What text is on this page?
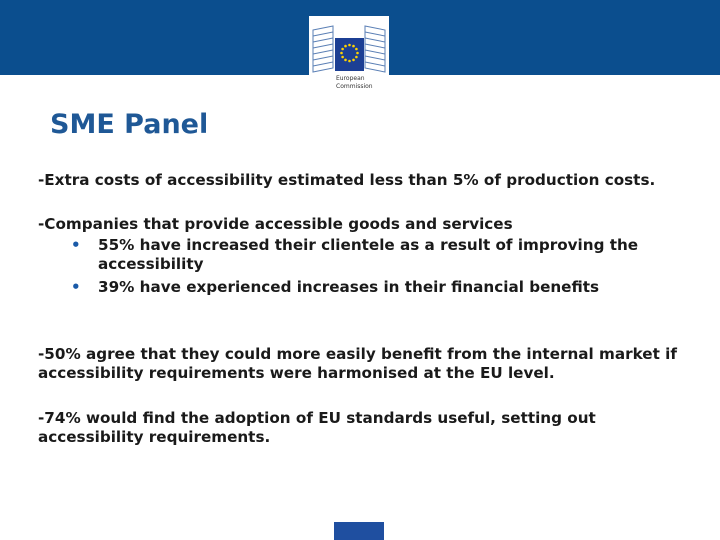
European
Commission
SME Panel

-Extra costs of accessibility estimated less than 5% of production costs.

-Companies that provide accessible goods and services

• 55% have increased their clientele as a result of improving the accessibility
• 39% have experienced increases in their financial benefits

-50% agree that they could more easily benefit from the internal market if accessibility requirements were harmonised at the EU level.

-74% would find the adoption of EU standards useful, setting out accessibility requirements.
